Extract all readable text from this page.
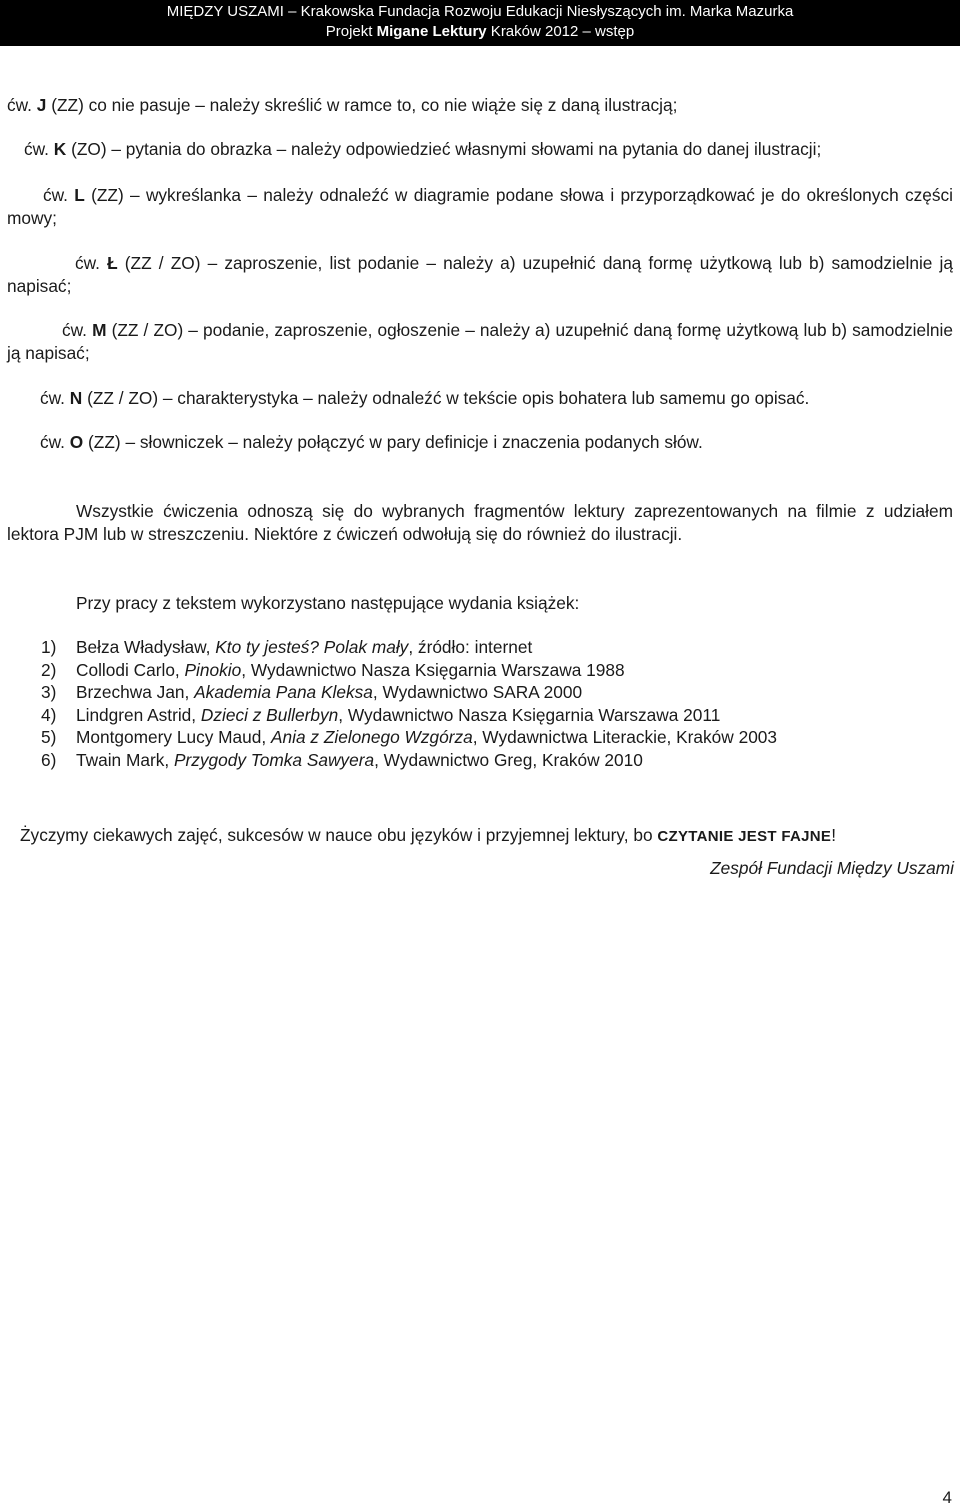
MIĘDZY USZAMI – Krakowska Fundacja Rozwoju Edukacji Niesłyszących im. Marka Mazurka
Projekt Migane Lektury Kraków 2012 – wstęp
ćw. J (ZZ) co nie pasuje – należy skreślić w ramce to, co nie wiąże się z daną ilustracją;
ćw. K (ZO) – pytania do obrazka – należy odpowiedzieć własnymi słowami na pytania do danej ilustracji;
ćw. L (ZZ) – wykreślanka – należy odnaleźć w diagramie podane słowa i przyporządkować je do określonych części mowy;
ćw. Ł (ZZ / ZO) – zaproszenie, list podanie – należy a) uzupełnić daną formę użytkową lub b) samodzielnie ją napisać;
ćw. M (ZZ / ZO) – podanie, zaproszenie, ogłoszenie – należy a) uzupełnić daną formę użytkową lub b) samodzielnie ją napisać;
ćw. N (ZZ / ZO) – charakterystyka – należy odnaleźć w tekście opis bohatera lub samemu go opisać.
ćw. O (ZZ) – słowniczek – należy połączyć w pary definicje i znaczenia podanych słów.
Wszystkie ćwiczenia odnoszą się do wybranych fragmentów lektury zaprezentowanych na filmie z udziałem lektora PJM lub w streszczeniu. Niektóre z ćwiczeń odwołują się do również do ilustracji.
Przy pracy z tekstem wykorzystano następujące wydania książek:
1) Bełza Władysław, Kto ty jesteś? Polak mały, źródło: internet
2) Collodi Carlo, Pinokio, Wydawnictwo Nasza Księgarnia Warszawa 1988
3) Brzechwa Jan, Akademia Pana Kleksa, Wydawnictwo SARA 2000
4) Lindgren Astrid, Dzieci z Bullerbyn, Wydawnictwo Nasza Księgarnia Warszawa 2011
5) Montgomery Lucy Maud, Ania z Zielonego Wzgórza, Wydawnictwa Literackie, Kraków 2003
6) Twain Mark, Przygody Tomka Sawyera, Wydawnictwo Greg, Kraków 2010
Życzymy ciekawych zajęć, sukcesów w nauce obu języków i przyjemnej lektury, bo CZYTANIE JEST FAJNE!
Zespół Fundacji Między Uszami
4
